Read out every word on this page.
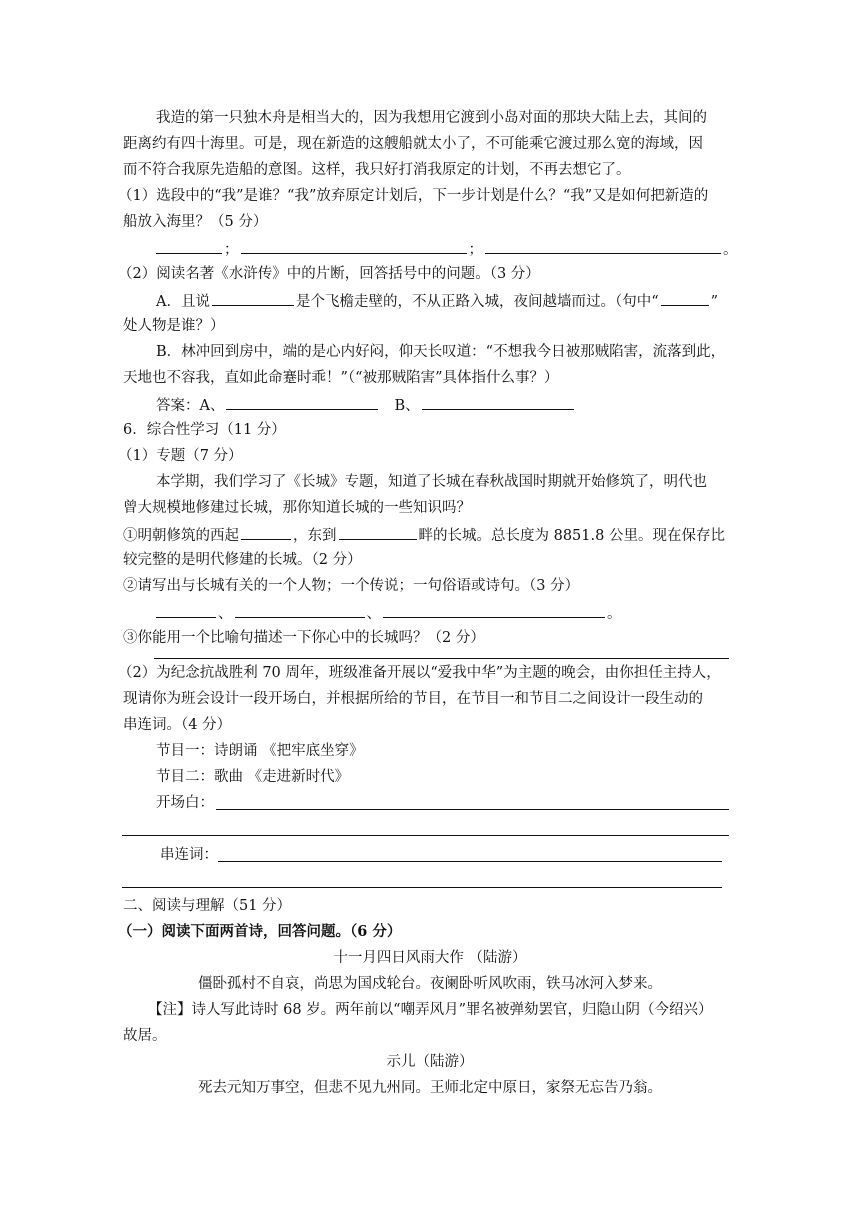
我造的第一只独木舟是相当大的，因为我想用它渡到小岛对面的那块大陆上去，其间的
距离约有四十海里。可是，现在新造的这艘船就太小了，不可能乘它渡过那么宽的海域，因
而不符合我原先造船的意图。这样，我只好打消我原定的计划，不再去想它了。
（1）选段中的“我”是谁？“我”放弃原定计划后，下一步计划是什么？“我”又是如何把新造的
船放入海里？（5 分）
；	；	。
（2）阅读名著《水浒传》中的片断，回答括号中的问题。（3 分）
A．且说	是个飞檐走壁的，不从正路入城，夜间越墙而过。（句中“	”
处人物是谁？）
B．林冲回到房中，端的是心内好闷，仰天长叹道：“不想我今日被那贼陷害，流落到此，
天地也不容我，直如此命蹇时乖！”（“被那贼陷害”具体指什么事？）
答案：A、	B、
6．综合性学习（11 分）
（1）专题（7 分）
本学期，我们学习了《长城》专题，知道了长城在春秋战国时期就开始修筑了，明代也
曾大规模地修建过长城，那你知道长城的一些知识吗？
①明朝修筑的西起	，东到	畔的长城。总长度为 8851.8 公里。现在保存比
较完整的是明代修建的长城。（2 分）
②请写出与长城有关的一个人物；一个传说；一句俗语或诗句。（3 分）
、	、	。
③你能用一个比喻句描述一下你心中的长城吗？（2 分）
（2）为纪念抗战胜利 70 周年，班级准备开展以“爱我中华”为主题的晚会，由你担任主持人，
现请你为班会设计一段开场白，并根据所给的节目，在节目一和节目二之间设计一段生动的
串连词。（4 分）
节目一：诗朗诵 《把牢底坐穿》
节目二：歌曲 《走进新时代》
开场白：
串连词：
二、阅读与理解（51 分）
（一）阅读下面两首诗，回答问题。（6 分）
十一月四日风雨大作 （陆游）
僵卧孤村不自哀，尚思为国戍轮台。夜阑卧听风吹雨，铁马冰河入梦来。
【注】诗人写此诗时 68 岁。两年前以“嘲弄风月”罪名被弹劾罢官，归隐山阴（今绍兴）
故居。
示儿（陆游）
死去元知万事空，但悲不见九州同。王师北定中原日，家祭无忘告乃翁。
